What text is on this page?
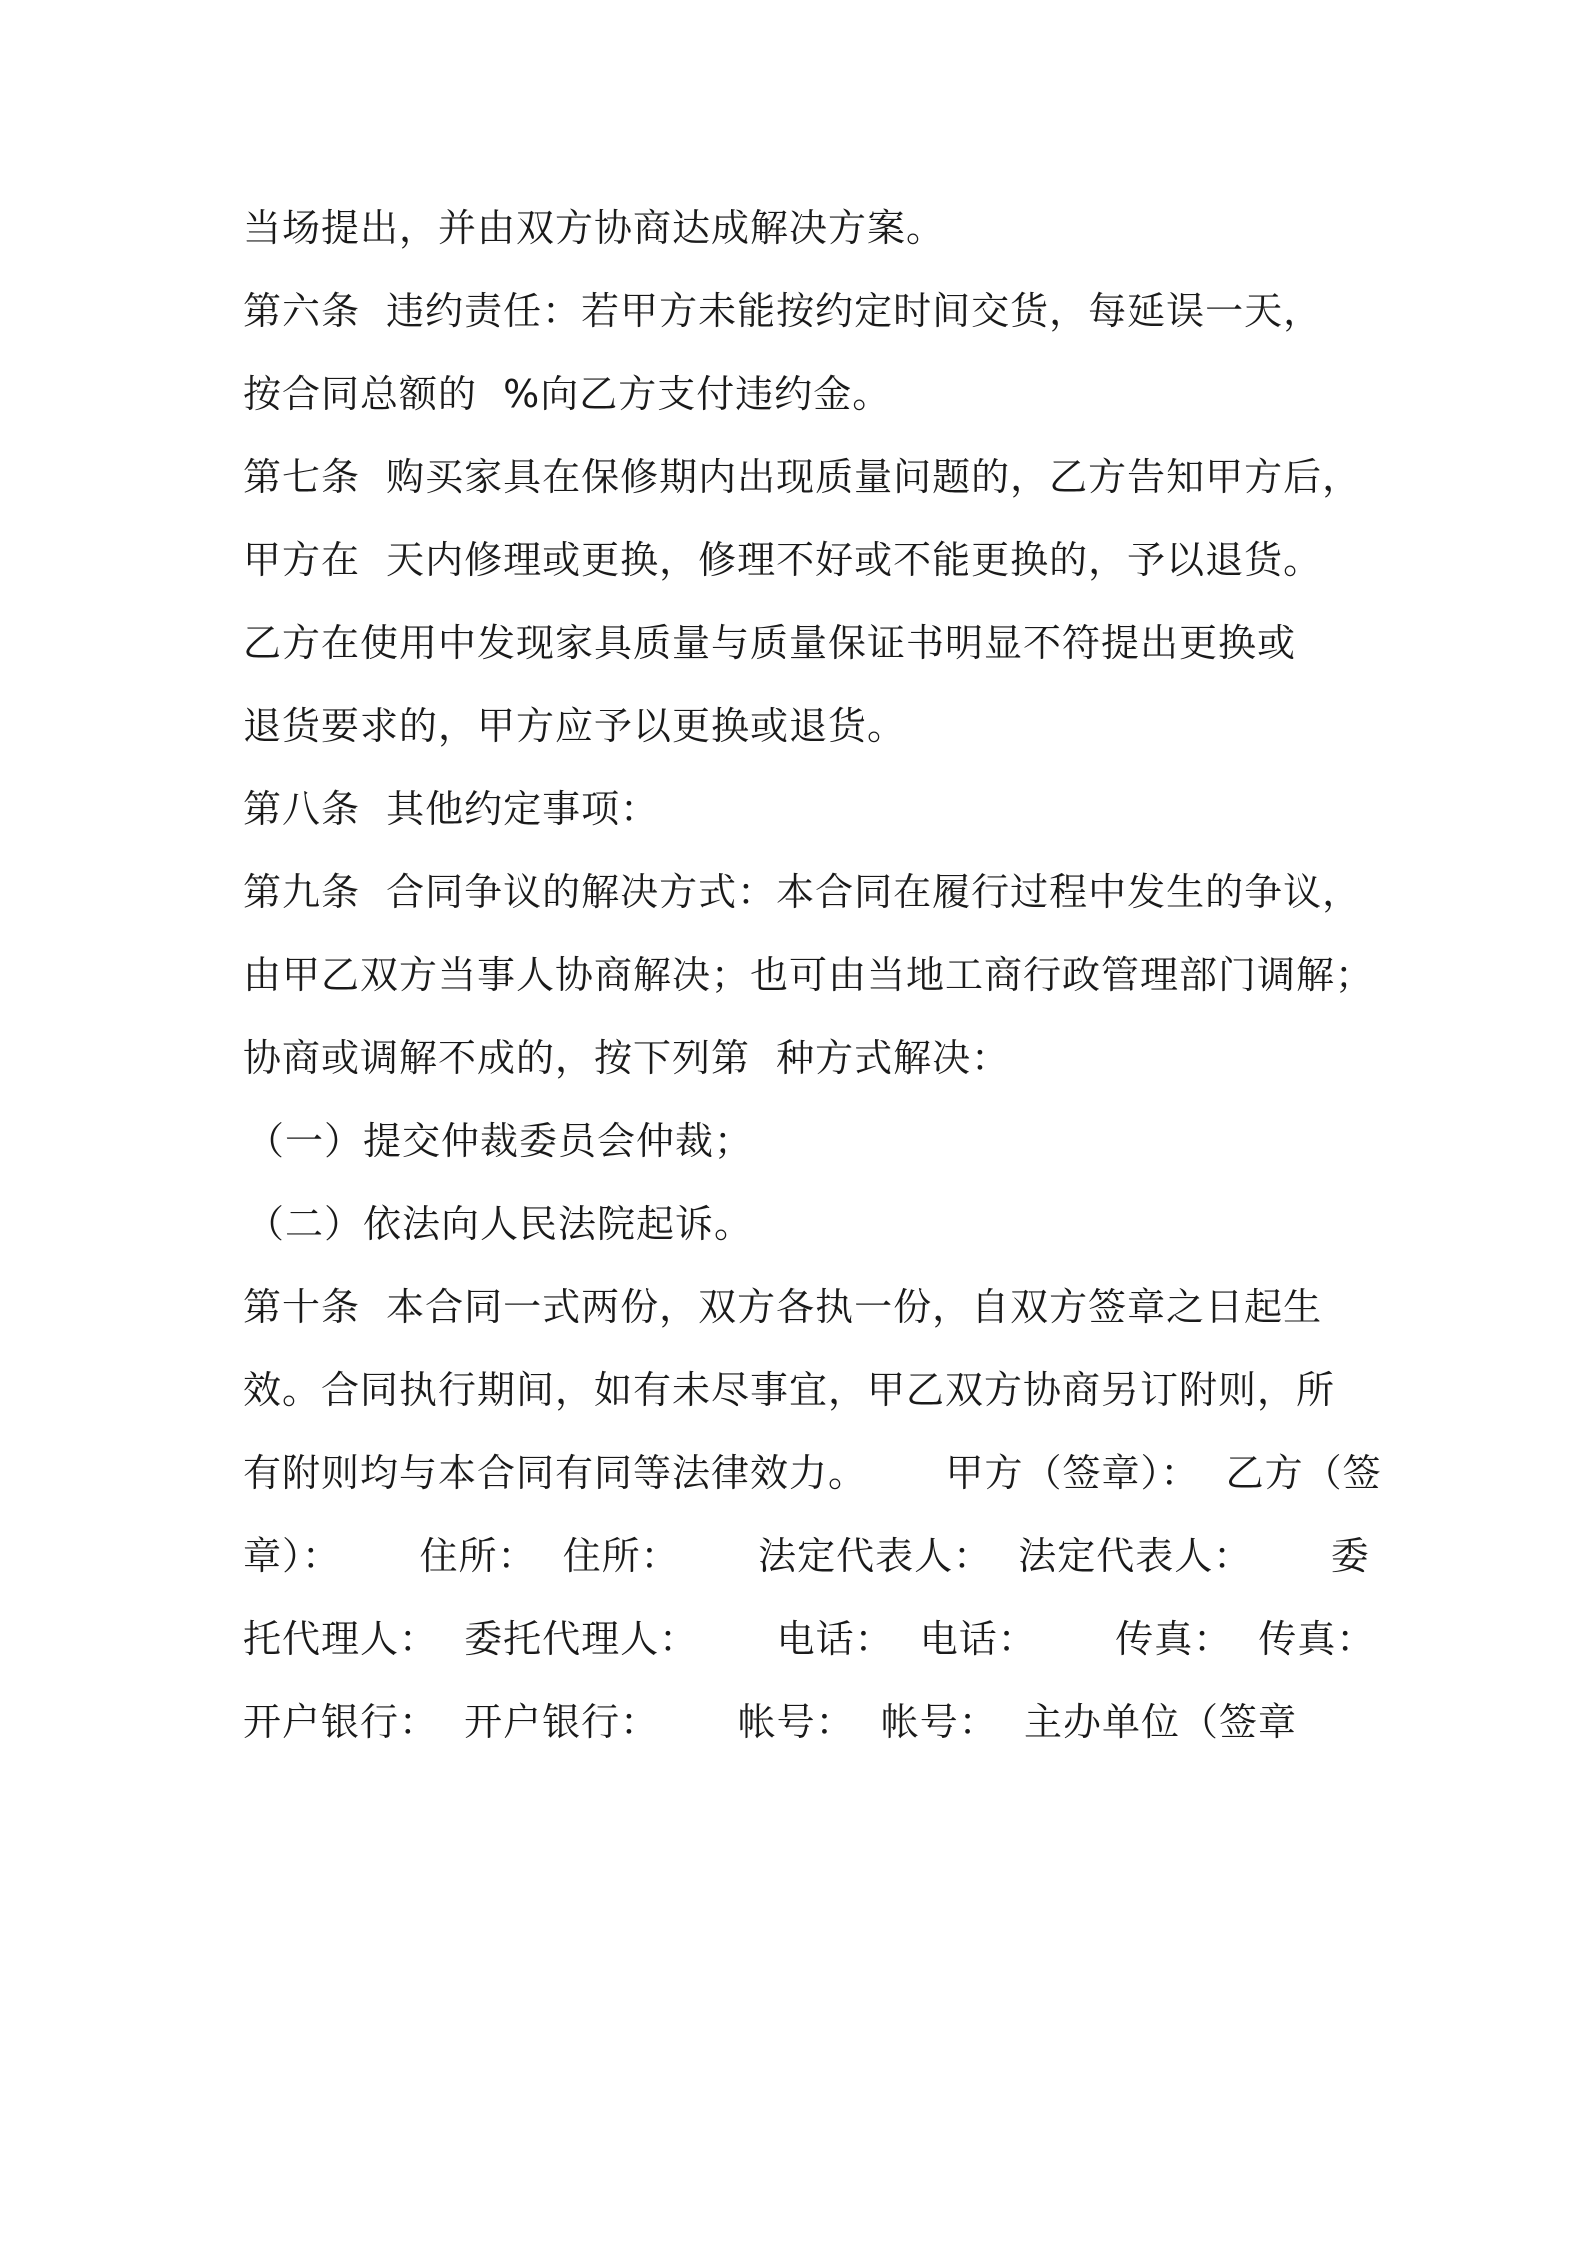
当场提出，并由双方协商达成解决方案。
第六条  违约责任：若甲方未能按约定时间交货，每延误一天，
按合同总额的  %向乙方支付违约金。
第七条  购买家具在保修期内出现质量问题的，乙方告知甲方后，
甲方在  天内修理或更换，修理不好或不能更换的，予以退货。
乙方在使用中发现家具质量与质量保证书明显不符提出更换或
退货要求的，甲方应予以更换或退货。
第八条  其他约定事项：
第九条  合同争议的解决方式：本合同在履行过程中发生的争议，
由甲乙双方当事人协商解决；也可由当地工商行政管理部门调解；
协商或调解不成的，按下列第  种方式解决：
（一）提交仲裁委员会仲裁；
（二）依法向人民法院起诉。
第十条  本合同一式两份，双方各执一份，自双方签章之日起生
效。合同执行期间，如有未尽事宜，甲乙双方协商另订附则，所
有附则均与本合同有同等法律效力。      甲方（签章）：  乙方（签
章）：      住所：  住所：      法定代表人：  法定代表人：      委
托代理人：  委托代理人：      电话：  电话：      传真：  传真：
开户银行：  开户银行：      帐号：  帐号：  主办单位（签章
